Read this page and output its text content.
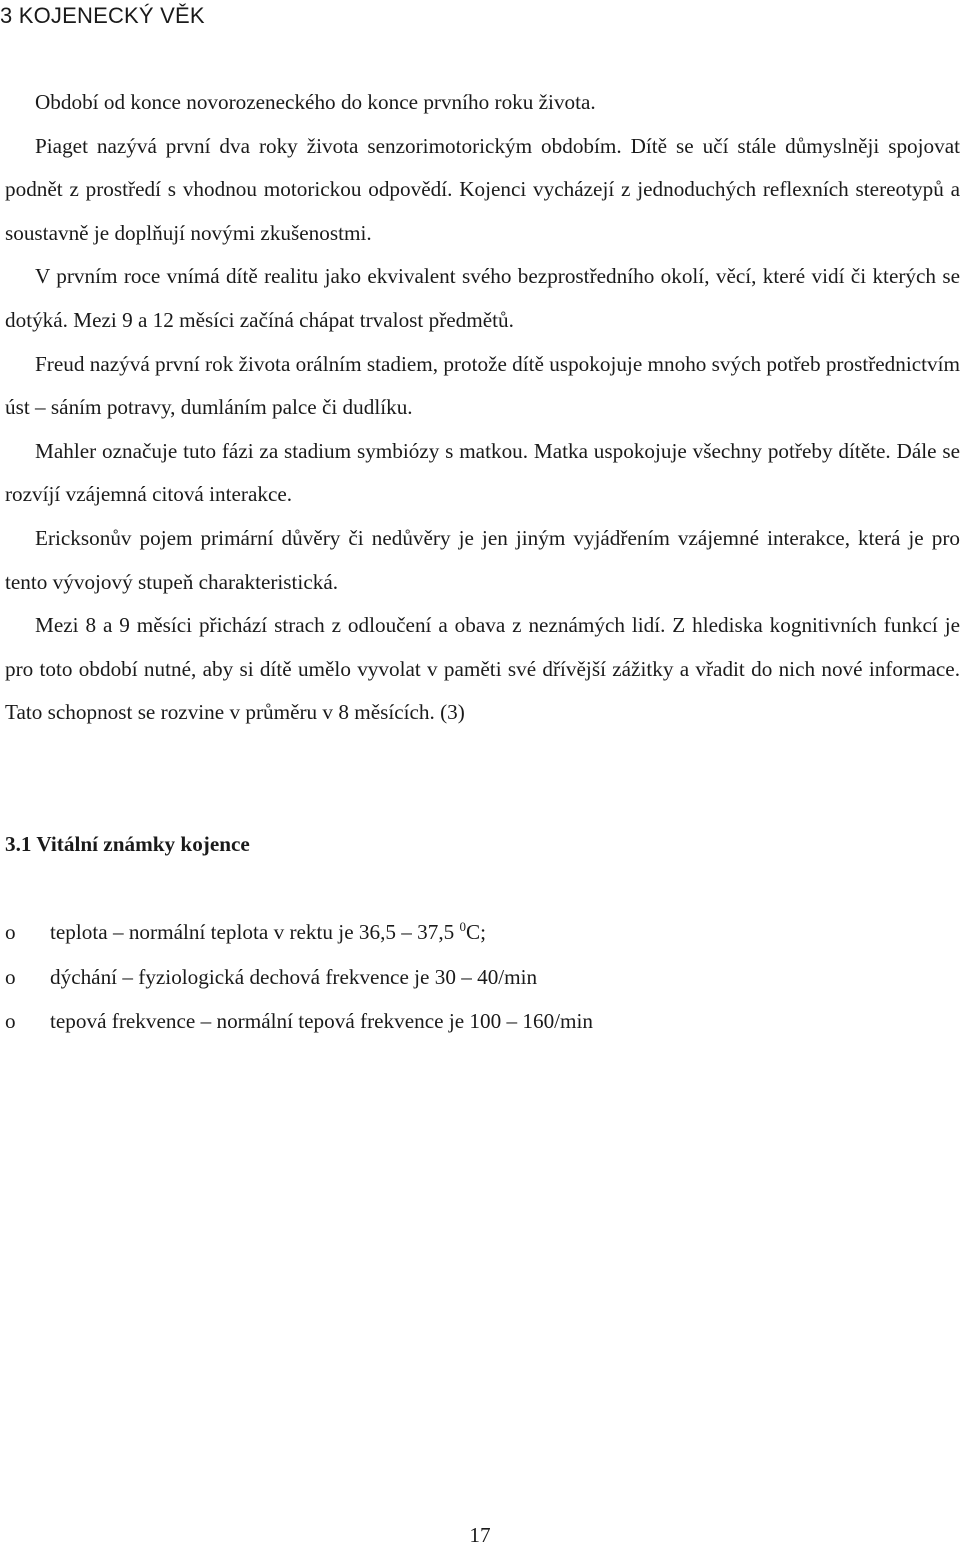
3 KOJENECKÝ VĚK

Období od konce novorozeneckého do konce prvního roku života.

Piaget nazývá první dva roky života senzorimotorickým obdobím. Dítě se učí stále důmyslněji spojovat podnět z prostředí s vhodnou motorickou odpovědí. Kojenci vycházejí z jednoduchých reflexních stereotypů a soustavně je doplňují novými zkušenostmi.

V prvním roce vnímá dítě realitu jako ekvivalent svého bezprostředního okolí, věcí, které vidí či kterých se dotýká. Mezi 9 a 12 měsíci začíná chápat trvalost předmětů.

Freud nazývá první rok života orálním stadiem, protože dítě uspokojuje mnoho svých potřeb prostřednictvím úst – sáním potravy, dumláním palce či dudlíku.

Mahler označuje tuto fázi za stadium symbiózy s matkou. Matka uspokojuje všechny potřeby dítěte. Dále se rozvíjí vzájemná citová interakce.

Ericksonův pojem primární důvěry či nedůvěry je jen jiným vyjádřením vzájemné interakce, která je pro tento vývojový stupeň charakteristická.

Mezi 8 a 9 měsíci přichází strach z odloučení a obava z neznámých lidí. Z hlediska kognitivních funkcí je pro toto období nutné, aby si dítě umělo vyvolat v paměti své dřívější zážitky a vřadit do nich nové informace. Tato schopnost se rozvine v průměru v 8 měsících. (3)

3.1 Vitální známky kojence
o teplota – normální teplota v rektu je 36,5 – 37,5 $^0$C;
o dýchání – fyziologická dechová frekvence je 30 – 40/min
o tepová frekvence – normální tepová frekvence je 100 – 160/min
17
